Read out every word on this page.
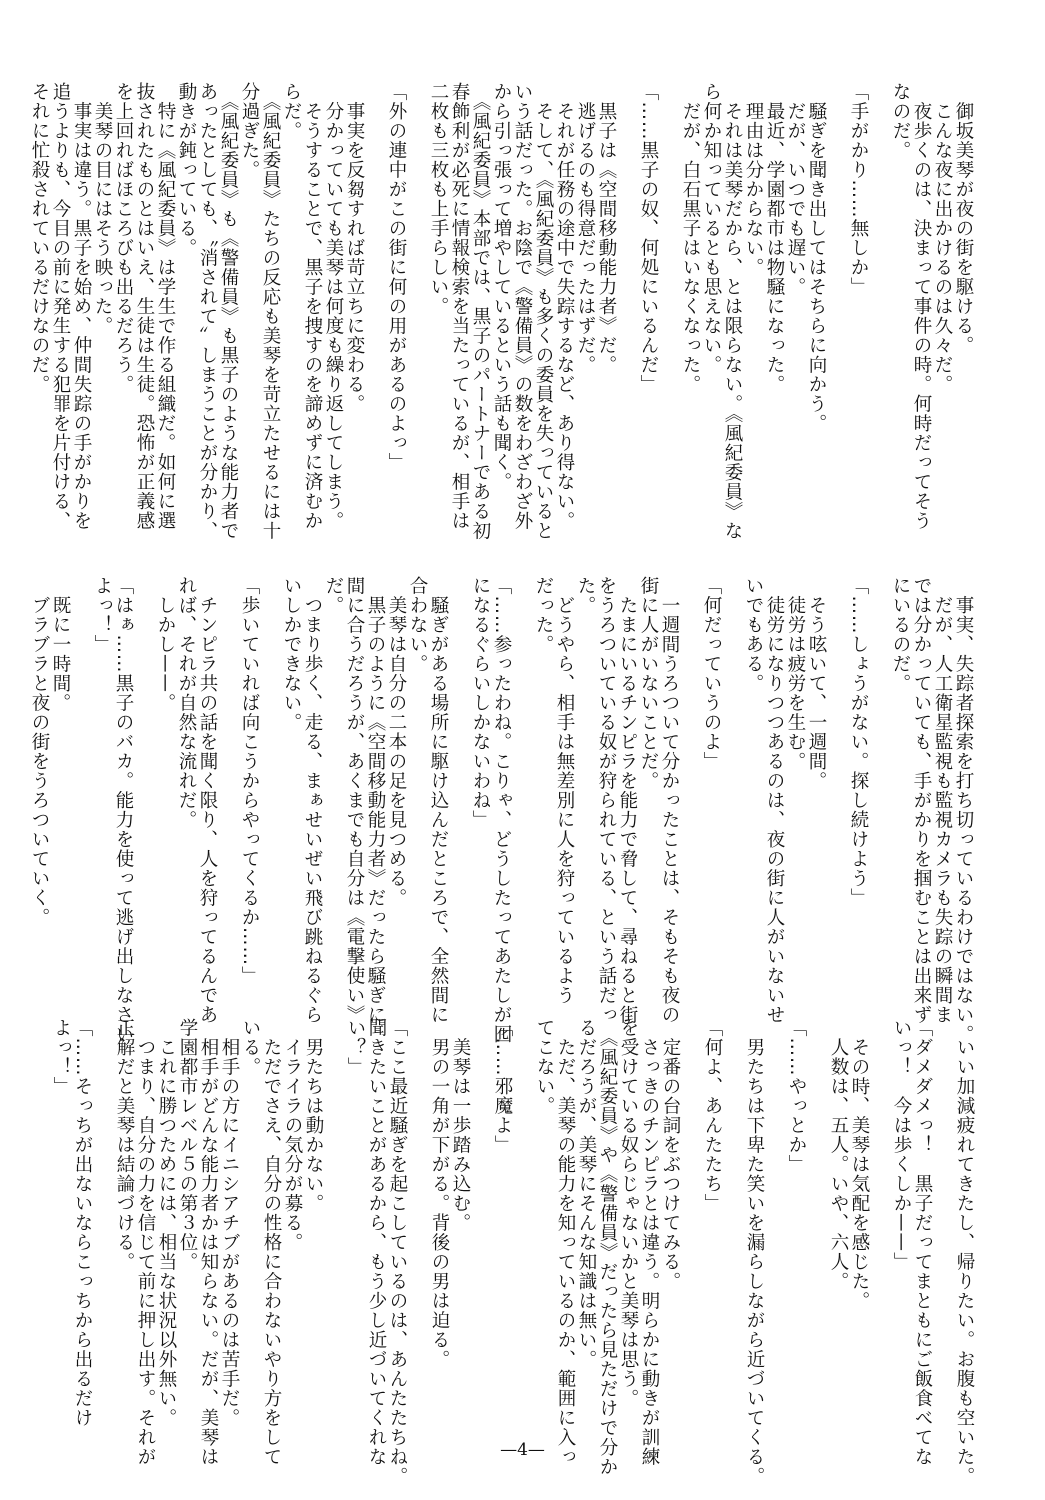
　御坂美琴が夜の街を駆ける。
　こんな夜に出かけるのは久々だ。
　夜歩くのは、決まって事件の時。何時だってそう
なのだ。
「手がかり……無しか」
　騒ぎを聞き出してはそちらに向かう。
　だが、いつでも遅い。
　最近、学園都市は物騒になった。
　理由は分からない。
　それは美琴だから、とは限らない。《風紀委員》な
ら何か知っているとも思えない。
　だが、白石黒子はいなくなった。
「……黒子の奴、何処にいるんだ」
　黒子は《空間移動能力者》だ。
　逃げるのも得意だったはずだ。
　それが任務の途中で失踪するなど、あり得ない。
　そして、《風紀委員》も多くの委員を失っていると
いう話だった。お陰で《警備員》の数をわざわざ外
から引っ張って増やしているという話も聞く。
　《風紀委員》本部では、黒子のパートナーである初
春飾利が必死に情報検索を当たっているが、相手は
二枚も三枚も上手らしい。
「外の連中がこの街に何の用があるのよっ」
　事実を反芻すれば苛立ちに変わる。
　分かっていても美琴は何度も繰り返してしまう。
　そうすることで、黒子を捜すのを諦めずに済むか
らだ。
　《風紀委員》たちの反応も美琴を苛立たせるには十
分過ぎた。
　《風紀委員》も《警備員》も黒子のような能力者で
あったとしても、〝消されて〟しまうことが分かり、
動きが鈍っている。
　特に《風紀委員》は学生で作る組織だ。如何に選
抜されたものとはいえ、生徒は生徒。恐怖が正義感
を上回ればほころびも出るだろう。
　美琴の目にはそう映った。
　事実は違う。黒子を始め、仲間失踪の手がかりを
追うよりも、今目の前に発生する犯罪を片付ける、
それに忙殺されているだけなのだ。
　事実、失踪者探索を打ち切っているわけではない。
　だが、人工衛星監視も監視カメラも失踪の瞬間ま
では分かっていても、手がかりを掴むことは出来ず
にいるのだ。
「……しょうがない。探し続けよう」
　そう呟いて、一週間。
　徒労は疲労を生む。
　徒労になりつつあるのは、夜の街に人がいないせ
いでもある。
「何だっていうのよ」
　一週間うろついて分かったことは、そもそも夜の
街に人がいないことだ。
　たまにいるチンピラを能力で脅して、尋ねると街
をうろついている奴が狩られている、という話だっ
た。
　どうやら、相手は無差別に人を狩っているよう
だった。
「……参ったわね。こりゃ、どうしたってあたしが囮
になるぐらいしかないわね」
　騒ぎがある場所に駆け込んだところで、全然間に
合わない。
　美琴は自分の二本の足を見つめる。
　黒子のように《空間移動能力者》だったら騒ぎに
間に合うだろうが、あくまでも自分は《電撃使い》
だ。
　つまり歩く、走る、まぁせいぜい飛び跳ねるぐら
いしかできない。
「歩いていれば向こうからやってくるか……」
　チンピラ共の話を聞く限り、人を狩ってるんであ
れば、それが自然な流れだ。
　しかし——。
「はぁ……黒子のバカ。能力を使って逃げ出しなさい
よっ！」
　既に一時間。
　ブラブラと夜の街をうろついていく。
　いい加減疲れてきたし、帰りたい。お腹も空いた。
「ダメダメっ！　黒子だってまともにご飯食べてな
いっ！　今は歩くしか——」
　その時、美琴は気配を感じた。
　人数は、五人。いや、六人。
「……やっとか」
　男たちは下卑た笑いを漏らしながら近づいてくる。
「何よ、あんたたち」
　定番の台詞をぶつけてみる。
　さっきのチンピラとは違う。明らかに動きが訓練
を受けている奴らじゃないかと美琴は思う。
　《風紀委員》や《警備員》だったら見ただけで分か
るだろうが、美琴にそんな知識は無い。
　ただ、美琴の能力を知っているのか、範囲に入っ
てこない。
「……邪魔よ」
　美琴は一歩踏み込む。
　男の一角が下がる。背後の男は迫る。
「ここ最近騒ぎを起こしているのは、あんたたちね。
聞きたいことがあるから、もう少し近づいてくれな
い？」
　男たちは動かない。
　イライラの気分が募る。
　ただでさえ、自分の性格に合わないやり方をして
いる。
　相手の方にイニシアチブがあるのは苦手だ。
　相手がどんな能力者かは知らない。だが、美琴は
学園都市レベル５の第３位。
　これに勝つためには、相当な状況以外無い。
　つまり、自分の力を信じて前に押し出す。それが
正解だと美琴は結論づける。
「……そっちが出ないならこっちから出るだけ
よっ！」
—4—
